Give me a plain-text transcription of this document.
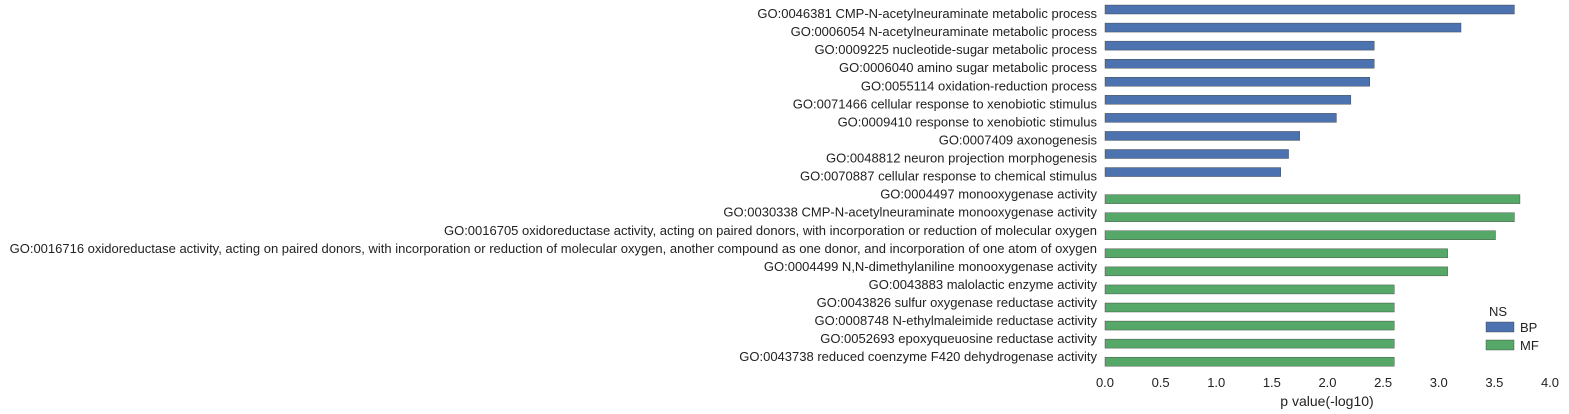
GO:0046381 CMP-N-acetylneuraminate metabolic process
GO:0006054 N-acetylneuraminate metabolic process
GO:0009225 nucleotide-sugar metabolic process
GO:0006040 amino sugar metabolic process
GO:0055114 oxidation-reduction process
GO:0071466 cellular response to xenobiotic stimulus
GO:0009410 response to xenobiotic stimulus
GO:0007409 axonogenesis
GO:0048812 neuron projection morphogenesis
GO:0070887 cellular response to chemical stimulus
GO:0004497 monooxygenase activity
GO:0030338 CMP-N-acetylneuraminate monooxygenase activity
GO:0016705 oxidoreductase activity, acting on paired donors, with incorporation or reduction of molecular oxygen
GO:0016716 oxidoreductase activity, acting on paired donors, with incorporation or reduction of molecular oxygen, another compound as one donor, and incorporation of one atom of oxygen
GO:0004499 N,N-dimethylaniline monooxygenase activity
GO:0043883 malolactic enzyme activity
GO:0043826 sulfur oxygenase reductase activity
GO:0008748 N-ethylmaleimide reductase activity
GO:0052693 epoxyqueuosine reductase activity
GO:0043738 reduced coenzyme F420 dehydrogenase activity
0.0	0.5	1.0	1.5	2.0	2.5	3.0	3.5	4.0
p value(-log10)
NS
BP
MF
